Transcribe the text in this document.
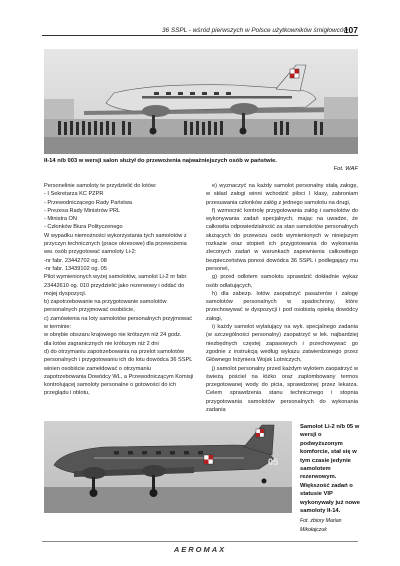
36 SSPL - wśród pierwszych w Polsce użytkowników śmigłowców
107
Ił-14 n/b 003 w wersji salon służył do przewożenia najważniejszych osób w państwie.
Fot. WAF

Personelinie samoloty te przydzielić do lotów:

- I Sekretarza KC PZPR

- Przewodniczącego Rady Państwa

- Prezesa Rady Ministrów PRL

- Ministra ON

- Członków Biura Polityczenego

W wypadku niemożności wykorzystania tych samolotów z przyczyn technicznych (prace okresowe) dla przewożenia ww. osób przygotować samoloty Li-2:

-nr fabr. 23442702 og. 08

-nr fabr. 13439102 og. 05

Pilot wymienionych wyżej samolotów, samolot Li-2 nr fabr. 23442610 og. 010 przydzielić jako rezerwowy i oddać do mojej dyspozycji.

b) zapotrzebowanie na przygotowanie samolotów personalnych przyjmować osobiście,

c) zamówienia na loty samolotów personalnych przyjmować w terminie:

w obrębie obszaru krajowego nie krótszym niż 24 godz.

dla lotów zagranicznych nie krótszym niż 2 dni

d) do otrzymaniu zapotrzebowania na przelot samolotów personalnych i przygotowaniu ich do lotu dowódca 36 SSPL winien osobiście zameldować o otrzymaniu zapotrzebowania Dowódcy WL, a Przewodniczącym Komisji kontrolującej samoloty personalne o gotowości do ich przeglądu i oblotu,

e) wyznaczyć na każdy samolot personalny stałą załogę, w skład załogi winni wchodzić piloci I klasy, zabroniam przesuwania członków załóg z jednego samolotu na drugi,

f) wzmocnić kontrolę przygotowania załóg i samolotów do wykonywania zadań specjalnych, mając na uwadze, że całkowita odpowiedzialność za stan samolotów personalnych służących do przewozu osób wymienionych w niniejszym rozkazie oraz stopień ich przygotowania do wykonania zleconych zadań w warunkach zapewnienia całkowitego bezpieczeństwa ponosi dowódca 36 SSPL i podlegający mu personel,

g) przed odlotem samolotu sprawdzić dokładnie wykaz osób odlatujących,

h) dla zabezp. lotów zaopatrzyć pasażerów i załogę samolotów personalnych w spadochrony, które przechowywać w dyspozycji i pod osobistą opieką dowódcy załogi,

i) każdy samolot wylatujący na wyk. specjalnego zadania (w szczególności personalny) zaopatrzyć w lek. najbardziej niezbędnych częstej zapasowych i przechowywać go zgodnie z instrukcją według wykazu zatwierdzonego przez Głównego Inżyniera Wojsk Lotniczych,

j) samolot personalny przed każdym wylotem zaopatrzyć w świeżą pościel na łóżko oraz zaplombowany termos przegotowanej wody do picia, sprawdzonej przez lekarza. Celem sprawdzenia stanu technicznego i stopnia przygotowania samolotów personalnych do wykonania zadania

05
Samolot Li-2 n/b 05 w wersji o podwyższonym komforcie, stał się w tym czasie jedynie samolotem rezerwowym. Większość zadań o statusie VIP wykonywały już nowe samoloty Ił-14.
Fot. zbiory Marian Mikołajczuk
AEROMAX
